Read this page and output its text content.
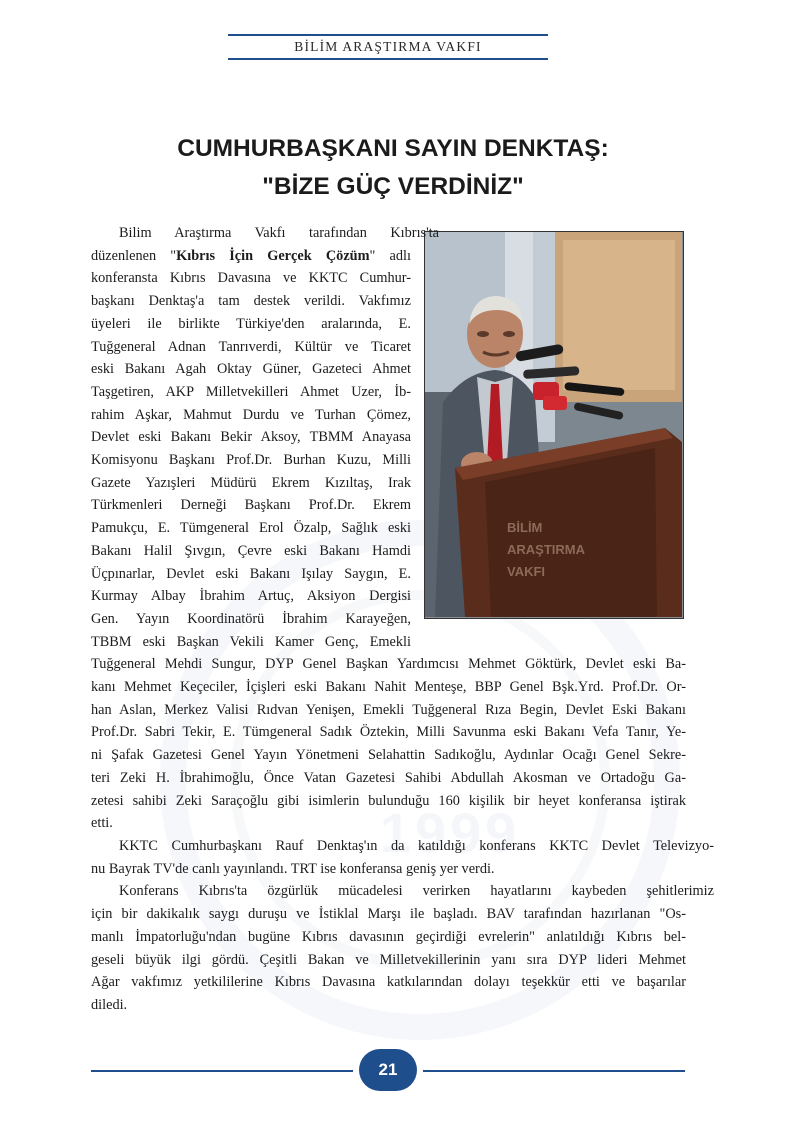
1999
BİLİM ARAŞTIRMA VAKFI
CUMHURBAŞKANI SAYIN DENKTAŞ:
"BİZE GÜÇ VERDİNİZ"
BİLİM
ARAŞTIRMA
VAKFI
Bilim Araştırma Vakfı tarafından Kıbrıs'ta
düzenlenen "Kıbrıs İçin Gerçek Çözüm" adlı
konferansta Kıbrıs Davasına ve KKTC Cumhur-
başkanı Denktaş'a tam destek verildi. Vakfımız
üyeleri ile birlikte Türkiye'den aralarında, E.
Tuğgeneral Adnan Tanrıverdi, Kültür ve Ticaret
eski Bakanı Agah Oktay Güner, Gazeteci Ahmet
Taşgetiren, AKP Milletvekilleri Ahmet Uzer, İb-
rahim Aşkar, Mahmut Durdu ve Turhan Çömez,
Devlet eski Bakanı Bekir Aksoy, TBMM Anayasa
Komisyonu Başkanı Prof.Dr. Burhan Kuzu, Milli
Gazete Yazışleri Müdürü Ekrem Kızıltaş, Irak
Türkmenleri Derneği Başkanı Prof.Dr. Ekrem
Pamukçu, E. Tümgeneral Erol Özalp, Sağlık eski
Bakanı Halil Şıvgın, Çevre eski Bakanı Hamdi
Üçpınarlar, Devlet eski Bakanı Işılay Saygın, E.
Kurmay Albay İbrahim Artuç, Aksiyon Dergisi
Gen. Yayın Koordinatörü İbrahim Karayeğen,
TBBM eski Başkan Vekili Kamer Genç, Emekli
Tuğgeneral Mehdi Sungur, DYP Genel Başkan Yardımcısı Mehmet Göktürk, Devlet eski Ba-
kanı Mehmet Keçeciler, İçişleri eski Bakanı Nahit Menteşe, BBP Genel Bşk.Yrd. Prof.Dr. Or-
han Aslan, Merkez Valisi Rıdvan Yenişen, Emekli Tuğgeneral Rıza Begin, Devlet Eski Bakanı
Prof.Dr. Sabri Tekir, E. Tümgeneral Sadık Öztekin, Milli Savunma eski Bakanı Vefa Tanır, Ye-
ni Şafak Gazetesi Genel Yayın Yönetmeni Selahattin Sadıkoğlu, Aydınlar Ocağı Genel Sekre-
teri Zeki H. İbrahimoğlu, Önce Vatan Gazetesi Sahibi Abdullah Akosman ve Ortadoğu Ga-
zetesi sahibi Zeki Saraçoğlu gibi isimlerin bulunduğu 160 kişilik bir heyet konferansa iştirak
etti.
KKTC Cumhurbaşkanı Rauf Denktaş'ın da katıldığı konferans KKTC Devlet Televizyo-
nu Bayrak TV'de canlı yayınlandı. TRT ise konferansa geniş yer verdi.
Konferans Kıbrıs'ta özgürlük mücadelesi verirken hayatlarını kaybeden şehitlerimiz
için bir dakikalık saygı duruşu ve İstiklal Marşı ile başladı. BAV tarafından hazırlanan "Os-
manlı İmpatorluğu'ndan bugüne Kıbrıs davasının geçirdiği evrelerin" anlatıldığı Kıbrıs bel-
geseli büyük ilgi gördü. Çeşitli Bakan ve Milletvekillerinin yanı sıra DYP lideri Mehmet
Ağar vakfımız yetkililerine Kıbrıs Davasına katkılarından dolayı teşekkür etti ve başarılar
diledi.
21
